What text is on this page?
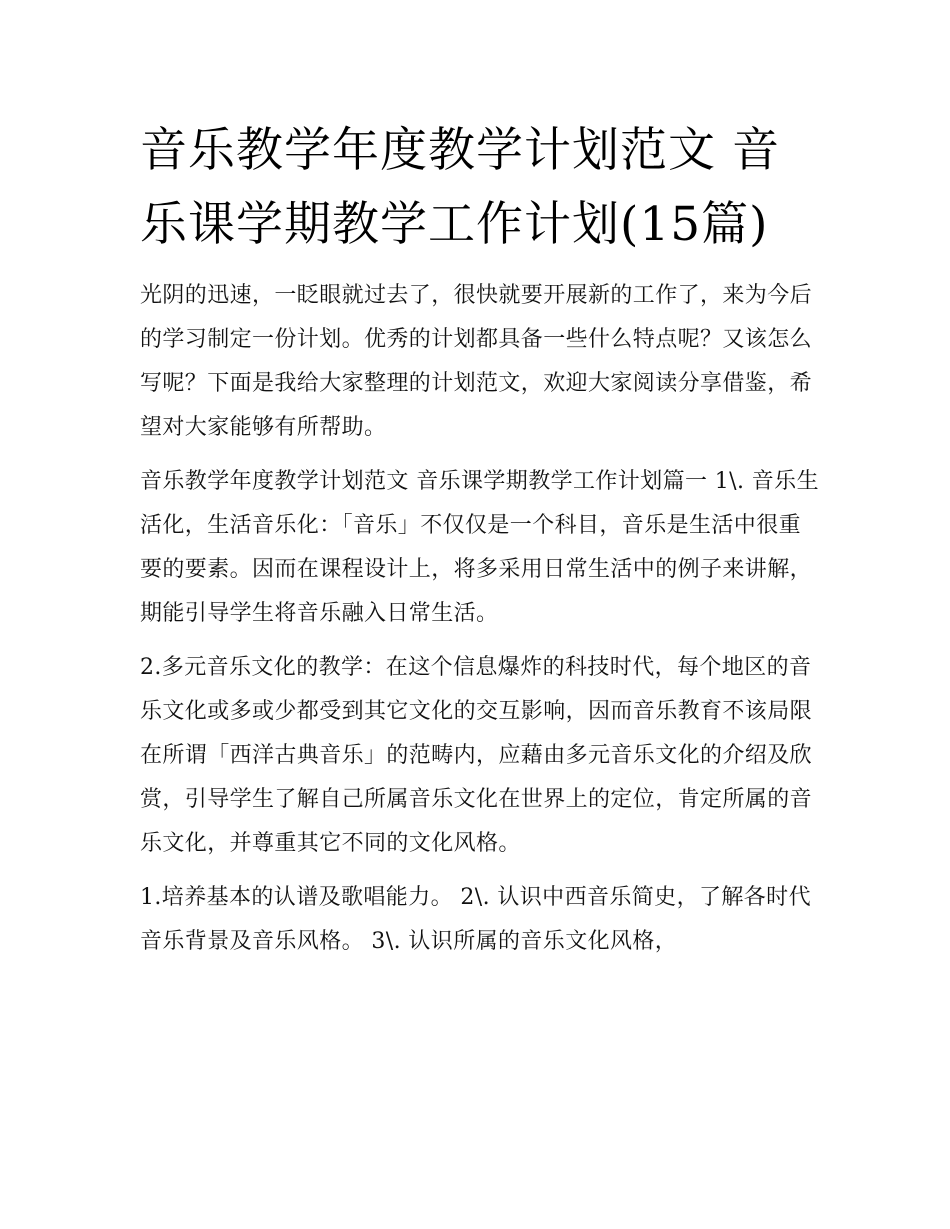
音乐教学年度教学计划范文 音乐课学期教学工作计划(15篇)

光阴的迅速，一眨眼就过去了，很快就要开展新的工作了，来为今后的学习制定一份计划。优秀的计划都具备一些什么特点呢？又该怎么写呢？下面是我给大家整理的计划范文，欢迎大家阅读分享借鉴，希望对大家能够有所帮助。

音乐教学年度教学计划范文 音乐课学期教学工作计划篇一 1\. 音乐生活化，生活音乐化：「音乐」不仅仅是一个科目，音乐是生活中很重要的要素。因而在课程设计上，将多采用日常生活中的例子来讲解，期能引导学生将音乐融入日常生活。

2.多元音乐文化的教学：在这个信息爆炸的科技时代，每个地区的音乐文化或多或少都受到其它文化的交互影响，因而音乐教育不该局限在所谓「西洋古典音乐」的范畴内，应藉由多元音乐文化的介绍及欣赏，引导学生了解自己所属音乐文化在世界上的定位，肯定所属的音乐文化，并尊重其它不同的文化风格。

1.培养基本的认谱及歌唱能力。 2\. 认识中西音乐简史，了解各时代音乐背景及音乐风格。 3\. 认识所属的音乐文化风格，
